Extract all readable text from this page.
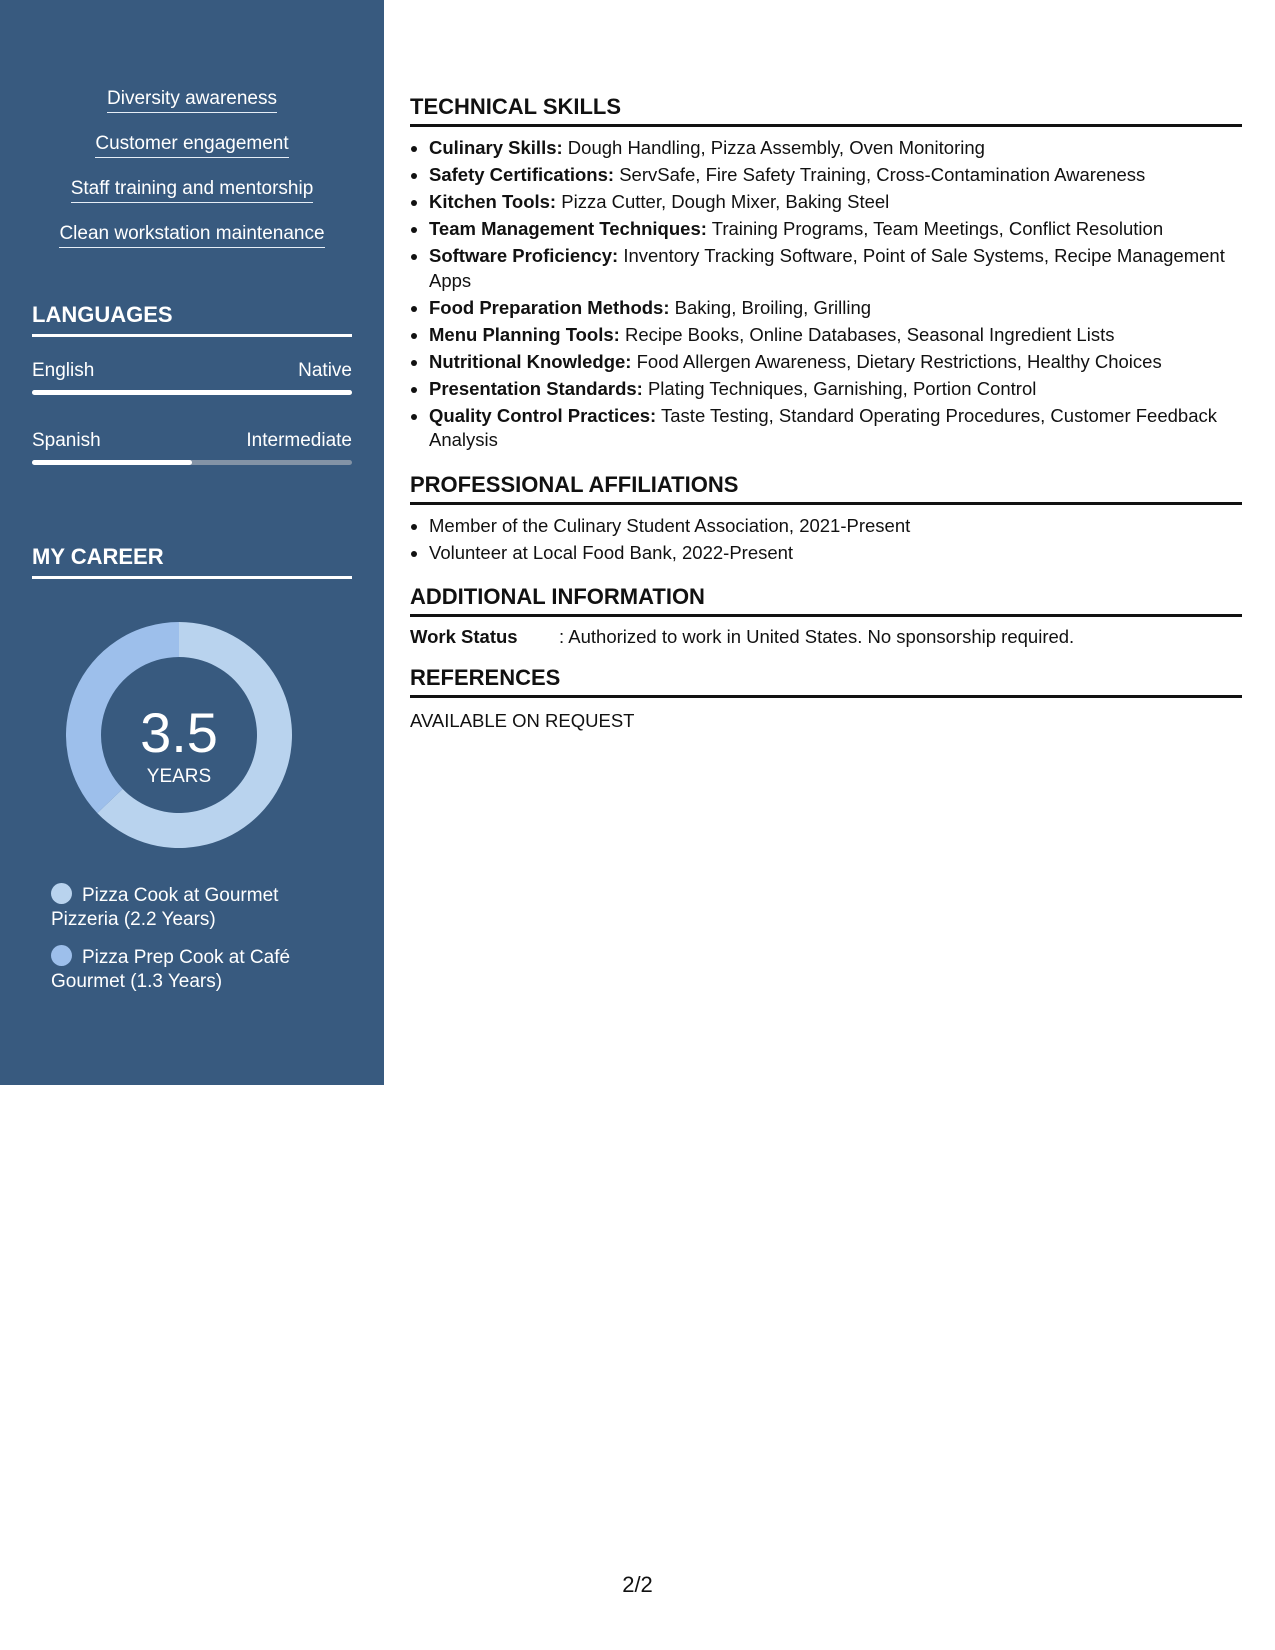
Diversity awareness
Customer engagement
Staff training and mentorship
Clean workstation maintenance
LANGUAGES
English	Native
Spanish	Intermediate
MY CAREER
3.5
YEARS
Pizza Cook at Gourmet Pizzeria (2.2 Years)
Pizza Prep Cook at Café Gourmet (1.3 Years)
TECHNICAL SKILLS
• Culinary Skills: Dough Handling, Pizza Assembly, Oven Monitoring
• Safety Certifications: ServSafe, Fire Safety Training, Cross-Contamination Awareness
• Kitchen Tools: Pizza Cutter, Dough Mixer, Baking Steel
• Team Management Techniques: Training Programs, Team Meetings, Conflict Resolution
• Software Proficiency: Inventory Tracking Software, Point of Sale Systems, Recipe Management Apps
• Food Preparation Methods: Baking, Broiling, Grilling
• Menu Planning Tools: Recipe Books, Online Databases, Seasonal Ingredient Lists
• Nutritional Knowledge: Food Allergen Awareness, Dietary Restrictions, Healthy Choices
• Presentation Standards: Plating Techniques, Garnishing, Portion Control
• Quality Control Practices: Taste Testing, Standard Operating Procedures, Customer Feedback Analysis
PROFESSIONAL AFFILIATIONS
• Member of the Culinary Student Association, 2021-Present
• Volunteer at Local Food Bank, 2022-Present
ADDITIONAL INFORMATION
Work Status	: Authorized to work in United States. No sponsorship required.
REFERENCES
AVAILABLE ON REQUEST
2/2
